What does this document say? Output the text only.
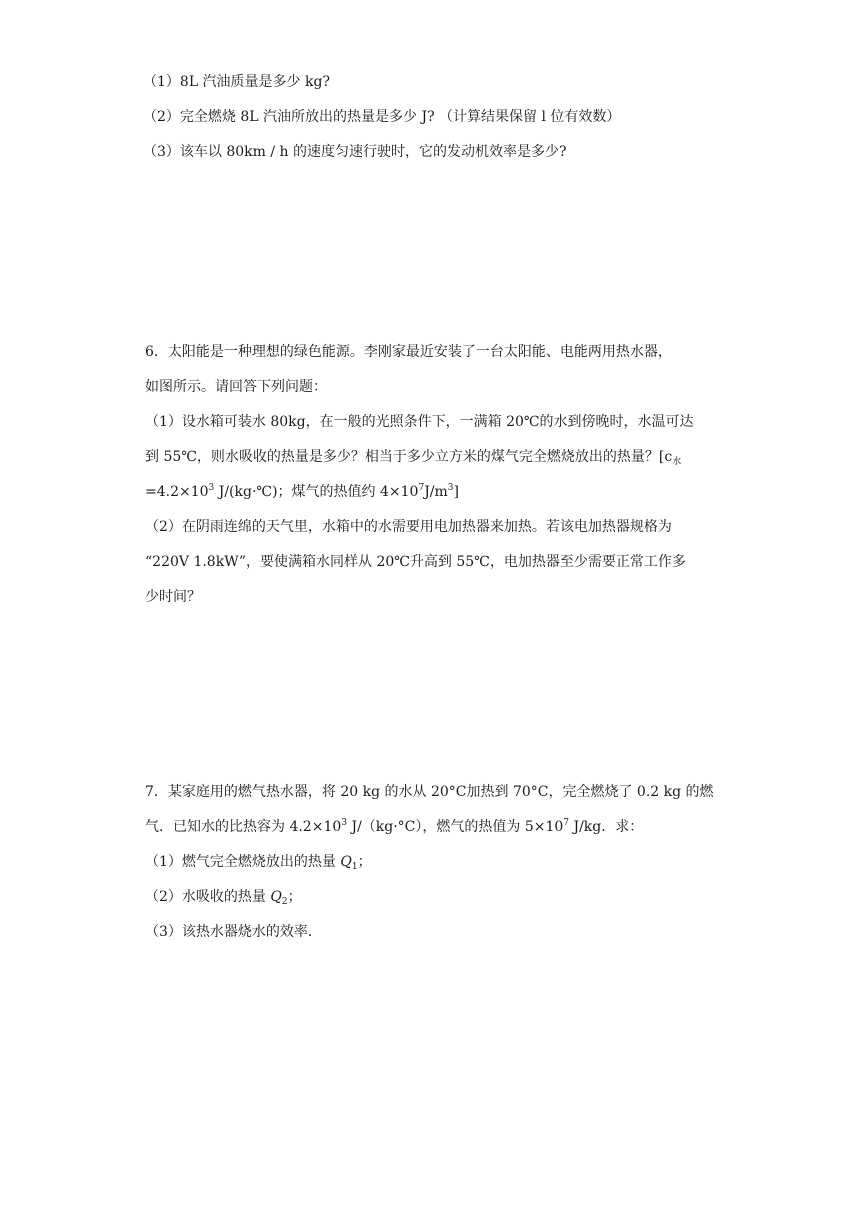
（1）8L 汽油质量是多少 kg?
（2）完全燃烧 8L 汽油所放出的热量是多少 J? （计算结果保留 l 位有效数）
（3）该车以 80km / h 的速度匀速行驶时，它的发动机效率是多少?
6．太阳能是一种理想的绿色能源。李刚家最近安装了一台太阳能、电能两用热水器，
如图所示。请回答下列问题：
（1）设水箱可装水 80kg，在一般的光照条件下，一满箱 20℃的水到傍晚时，水温可达
到 55℃，则水吸收的热量是多少？相当于多少立方米的煤气完全燃烧放出的热量？[$c_水$
$=4.2\times 10^3$ J/(kg·℃)；煤气的热值约 $4\times 10^7J/m^3$]
（2）在阴雨连绵的天气里，水箱中的水需要用电加热器来加热。若该电加热器规格为
“220V 1.8kW”，要使满箱水同样从 20℃升高到 55℃，电加热器至少需要正常工作多
少时间？
7．某家庭用的燃气热水器，将 20 kg 的水从 20°C加热到 70°C，完全燃烧了 0.2 kg 的燃
气．已知水的比热容为 $4.2\times 10^3$ J/（kg·°C），燃气的热值为 $5\times 10^7$ J/kg．求：
（1）燃气完全燃烧放出的热量 $Q_1$；
（2）水吸收的热量 $Q_2$；
（3）该热水器烧水的效率．
